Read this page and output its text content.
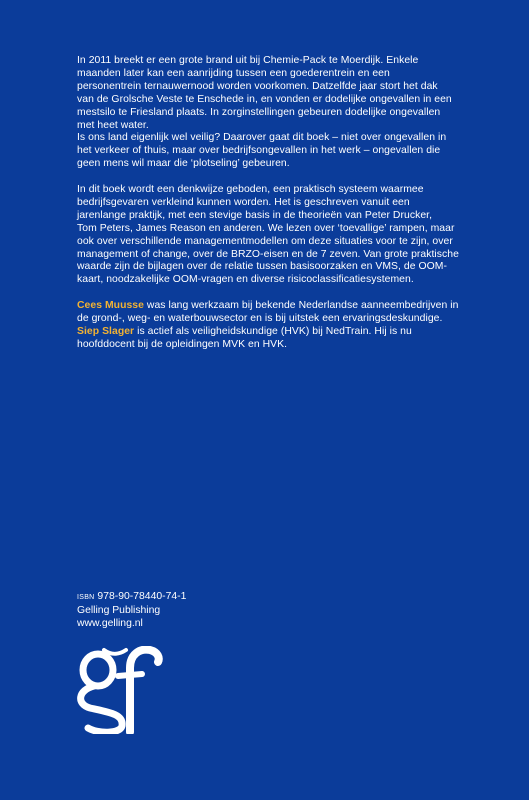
In 2011 breekt er een grote brand uit bij Chemie-Pack te Moerdijk. Enkele
maanden later kan een aanrijding tussen een goederentrein en een
personentrein ternauwernood worden voorkomen. Datzelfde jaar stort het dak
van de Grolsche Veste te Enschede in, en vonden er dodelijke ongevallen in een
mestsilo te Friesland plaats. In zorginstellingen gebeuren dodelijke ongevallen
met heet water.
Is ons land eigenlijk wel veilig? Daarover gaat dit boek – niet over ongevallen in
het verkeer of thuis, maar over bedrijfsongevallen in het werk – ongevallen die
geen mens wil maar die ‘plotseling’ gebeuren.

In dit boek wordt een denkwijze geboden, een praktisch systeem waarmee
bedrijfsgevaren verkleind kunnen worden. Het is geschreven vanuit een
jarenlange praktijk, met een stevige basis in de theorieën van Peter Drucker,
Tom Peters, James Reason en anderen. We lezen over ‘toevallige’ rampen, maar
ook over verschillende managementmodellen om deze situaties voor te zijn, over
management of change, over de BRZO-eisen en de 7 zeven. Van grote praktische
waarde zijn de bijlagen over de relatie tussen basisoorzaken en VMS, de OOM-
kaart, noodzakelijke OOM-vragen en diverse risicoclassificatiesystemen.

Cees Muusse was lang werkzaam bij bekende Nederlandse aanneembedrijven in
de grond-, weg- en waterbouwsector en is bij uitstek een ervaringsdeskundige.
Siep Slager is actief als veiligheidskundige (HVK) bij NedTrain. Hij is nu
hoofddocent bij de opleidingen MVK en HVK.

ISBN 978-90-78440-74-1
Gelling Publishing
www.gelling.nl
